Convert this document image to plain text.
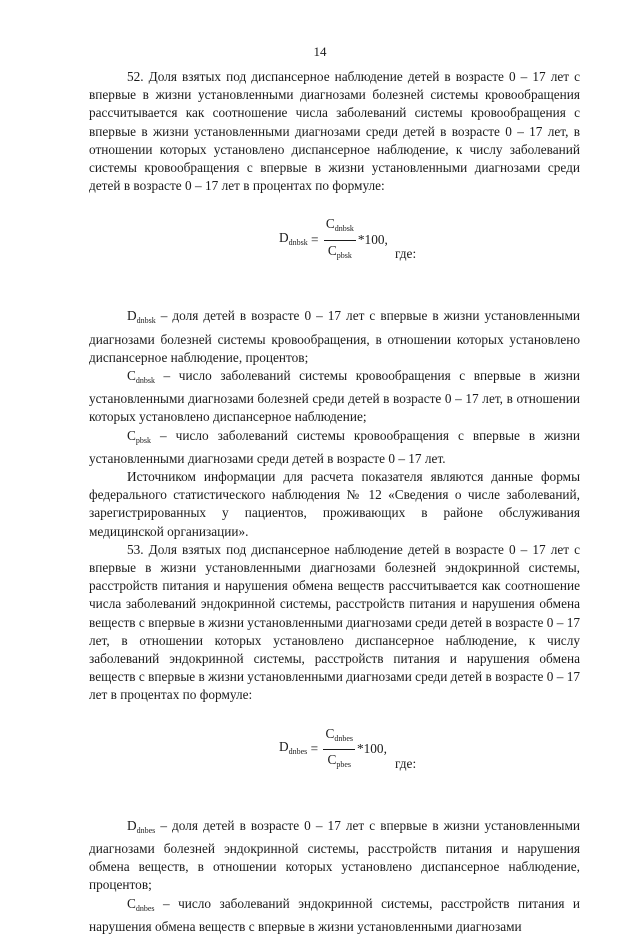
14

52. Доля взятых под диспансерное наблюдение детей в возрасте 0 – 17 лет с впервые в жизни установленными диагнозами болезней системы кровообращения рассчитывается как соотношение числа заболеваний системы кровообращения с впервые в жизни установленными диагнозами среди детей в возрасте 0 – 17 лет, в отношении которых установлено диспансерное наблюдение, к числу заболеваний системы кровообращения с впервые в жизни установленными диагнозами среди детей в возрасте 0 – 17 лет в процентах по формуле:

$D_{dnbsk} = \frac{C_{dnbsk}}{C_{pbsk}} *100$,
где:

$D_{dnbsk}$ – доля детей в возрасте 0 – 17 лет с впервые в жизни установленными диагнозами болезней системы кровообращения, в отношении которых установлено диспансерное наблюдение, процентов;

$C_{dnbsk}$ – число заболеваний системы кровообращения с впервые в жизни установленными диагнозами болезней среди детей в возрасте 0 – 17 лет, в отношении которых установлено диспансерное наблюдение;

$C_{pbsk}$ – число заболеваний системы кровообращения с впервые в жизни установленными диагнозами среди детей в возрасте 0 – 17 лет.

Источником информации для расчета показателя являются данные формы федерального статистического наблюдения № 12 «Сведения о числе заболеваний, зарегистрированных у пациентов, проживающих в районе обслуживания медицинской организации».

53. Доля взятых под диспансерное наблюдение детей в возрасте 0 – 17 лет с впервые в жизни установленными диагнозами болезней эндокринной системы, расстройств питания и нарушения обмена веществ рассчитывается как соотношение числа заболеваний эндокринной системы, расстройств питания и нарушения обмена веществ с впервые в жизни установленными диагнозами среди детей в возрасте 0 – 17 лет, в отношении которых установлено диспансерное наблюдение, к числу заболеваний эндокринной системы, расстройств питания и нарушения обмена веществ с впервые в жизни установленными диагнозами среди детей в возрасте 0 – 17 лет в процентах по формуле:

$D_{dnbes} = \frac{C_{dnbes}}{C_{pbes}} *100$,
где:

$D_{dnbes}$ – доля детей в возрасте 0 – 17 лет с впервые в жизни установленными диагнозами болезней эндокринной системы, расстройств питания и нарушения обмена веществ, в отношении которых установлено диспансерное наблюдение, процентов;

$C_{dnbes}$ – число заболеваний эндокринной системы, расстройств питания и нарушения обмена веществ с впервые в жизни установленными диагнозами
